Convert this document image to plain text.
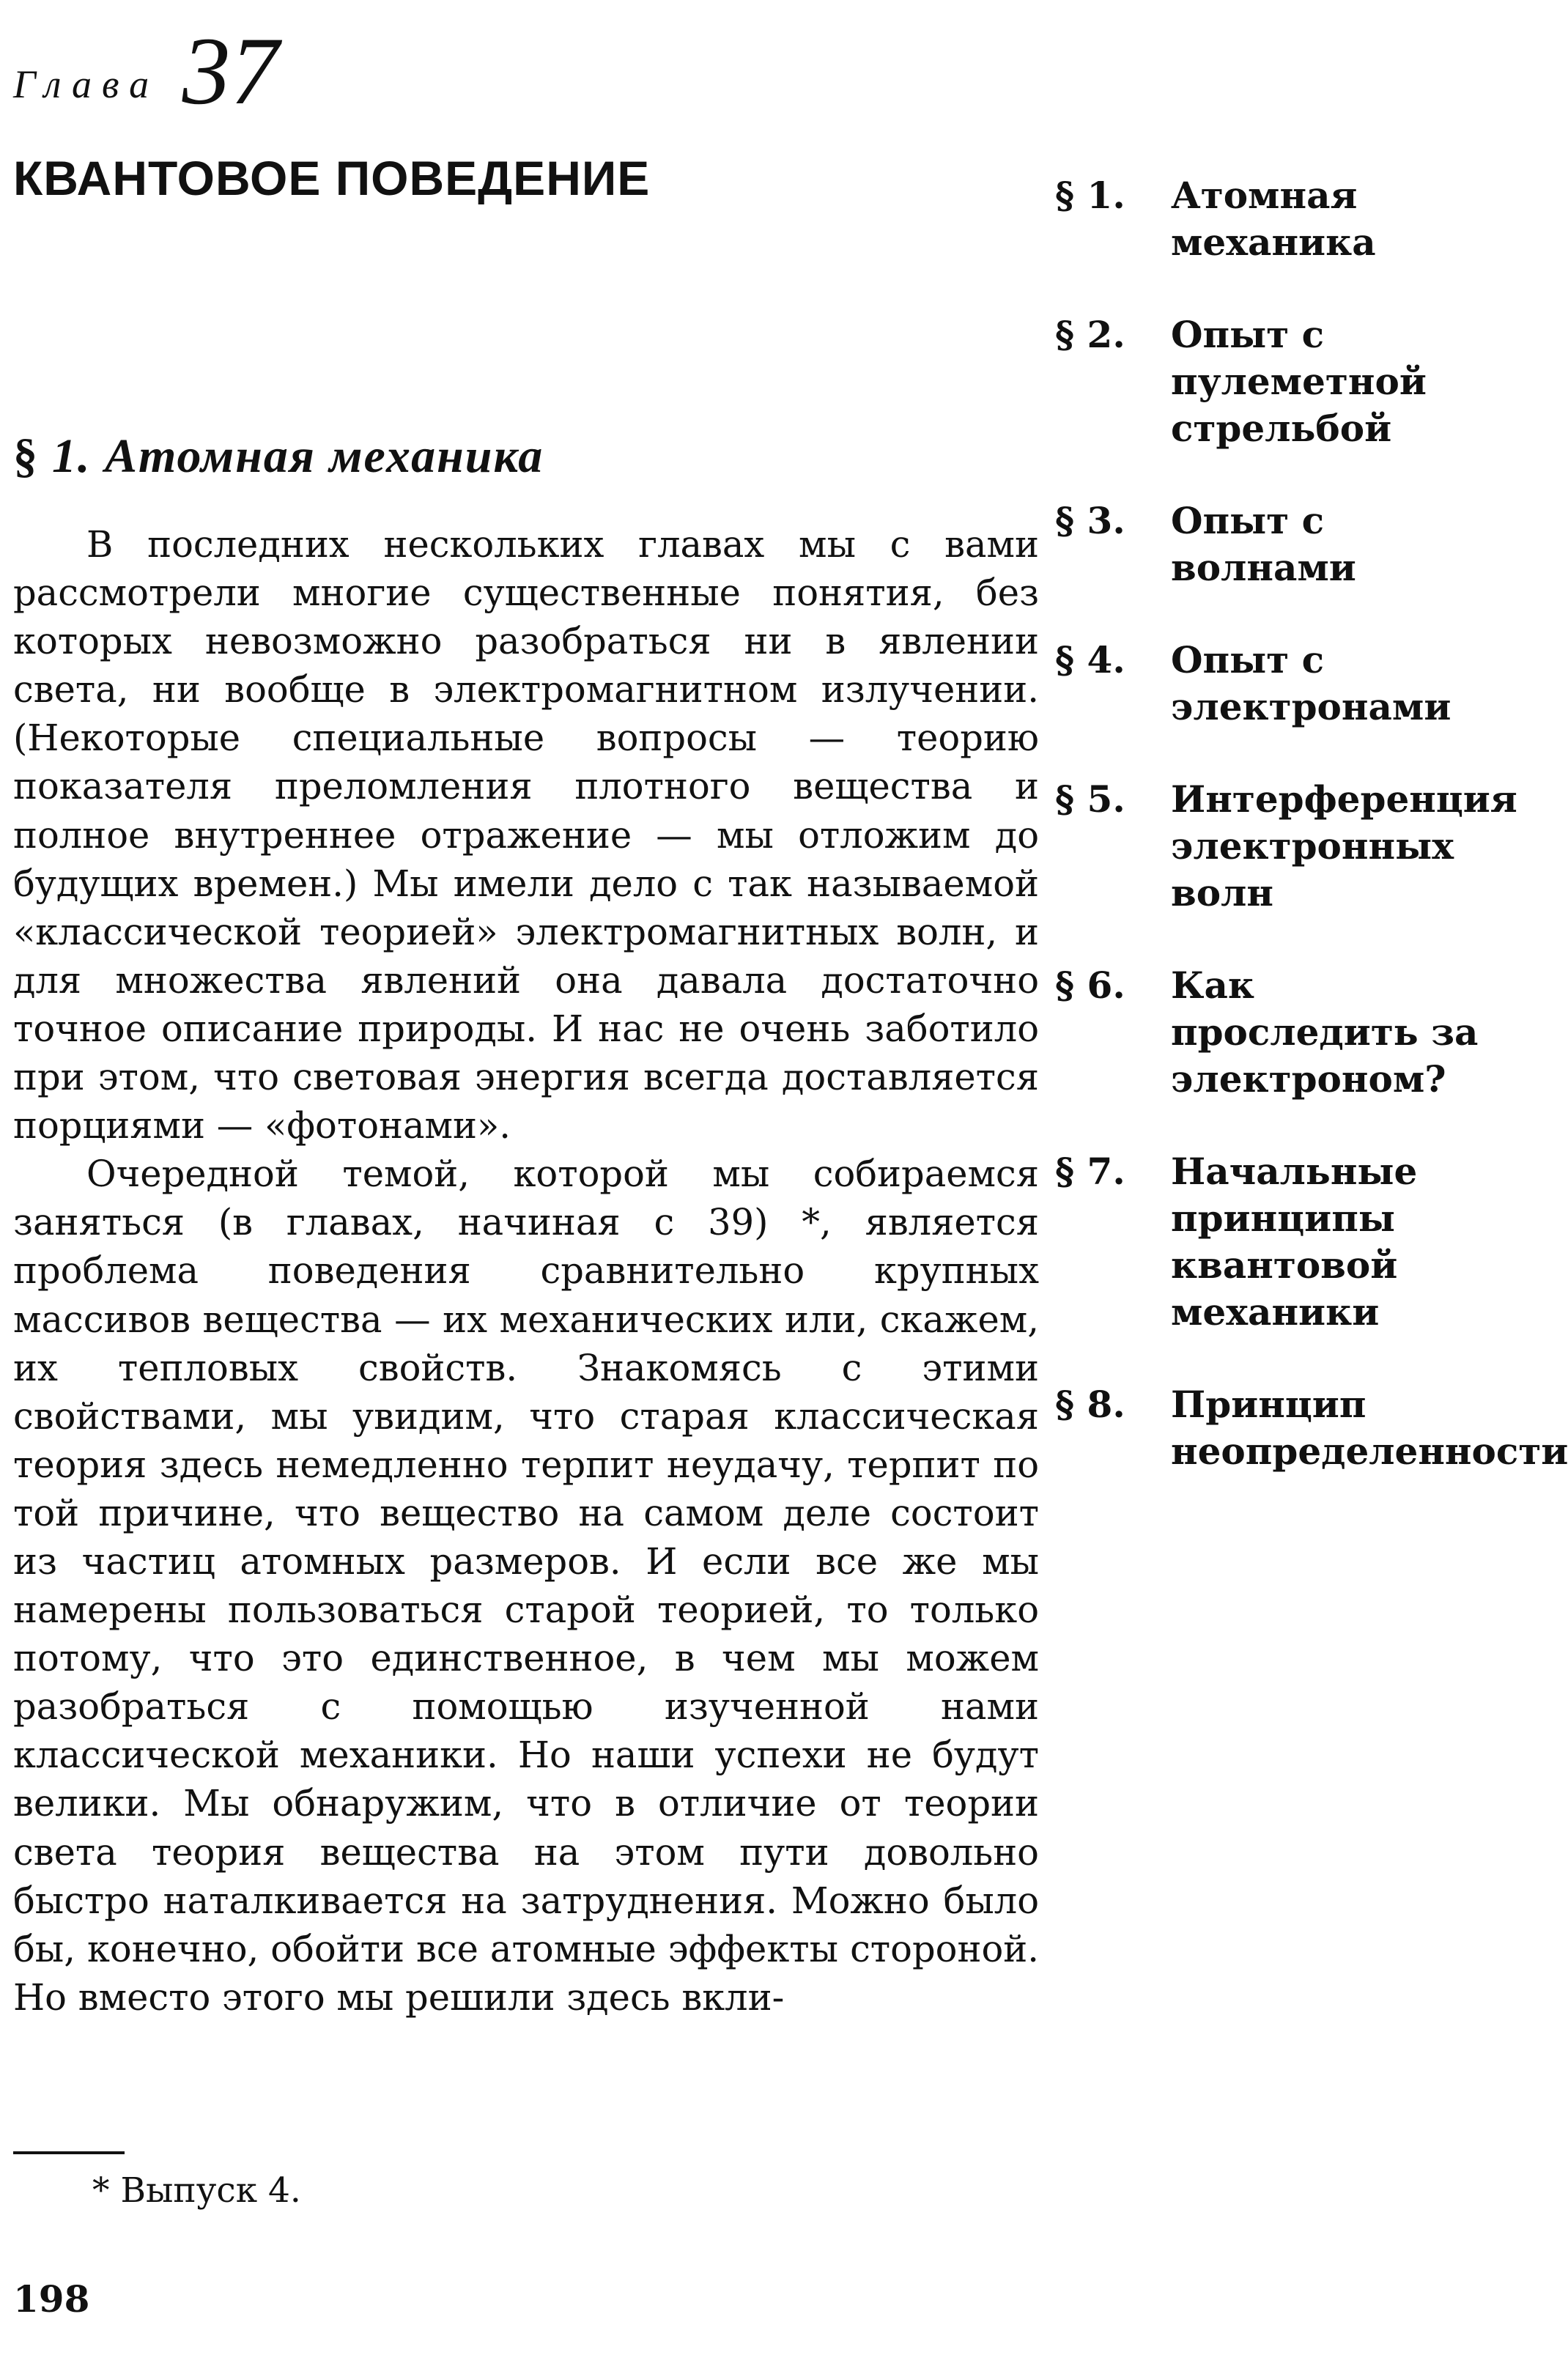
Глава 37
КВАНТОВОЕ ПОВЕДЕНИЕ
§ 1. Атомная механика

В последних нескольких главах мы с вами рассмотрели многие существенные понятия, без которых невозможно разобраться ни в явлении света, ни вообще в электромагнитном излучении. (Некоторые специальные вопросы — теорию показателя преломления плотного вещества и полное внутреннее отражение — мы отложим до будущих времен.) Мы имели дело с так называемой «классической теорией» электромагнитных волн, и для множества явлений она давала достаточно точное описание природы. И нас не очень заботило при этом, что световая энергия всегда доставляется порциями — «фотонами».

Очередной темой, которой мы собираемся заняться (в главах, начиная с 39) *, является проблема поведения сравнительно крупных массивов вещества — их механических или, скажем, их тепловых свойств. Знакомясь с этими свойствами, мы увидим, что старая классическая теория здесь немедленно терпит неудачу, терпит по той причине, что вещество на самом деле состоит из частиц атомных размеров. И если все же мы намерены пользоваться старой теорией, то только потому, что это единственное, в чем мы можем разобраться с помощью изученной нами классической механики. Но наши успехи не будут велики. Мы обнаружим, что в отличие от теории света теория вещества на этом пути довольно быстро наталкивается на затруднения. Можно было бы, конечно, обойти все атомные эффекты стороной. Но вместо этого мы решили здесь вкли-

§ 1.	Атомная механика
§ 2.	Опыт с пулеметной стрельбой
§ 3.	Опыт с волнами
§ 4.	Опыт с электронами
§ 5.	Интерференция электронных волн
§ 6.	Как проследить за электроном?
§ 7.	Начальные принципы квантовой механики
§ 8.	Принцип неопределенности

* Выпуск 4.

198
